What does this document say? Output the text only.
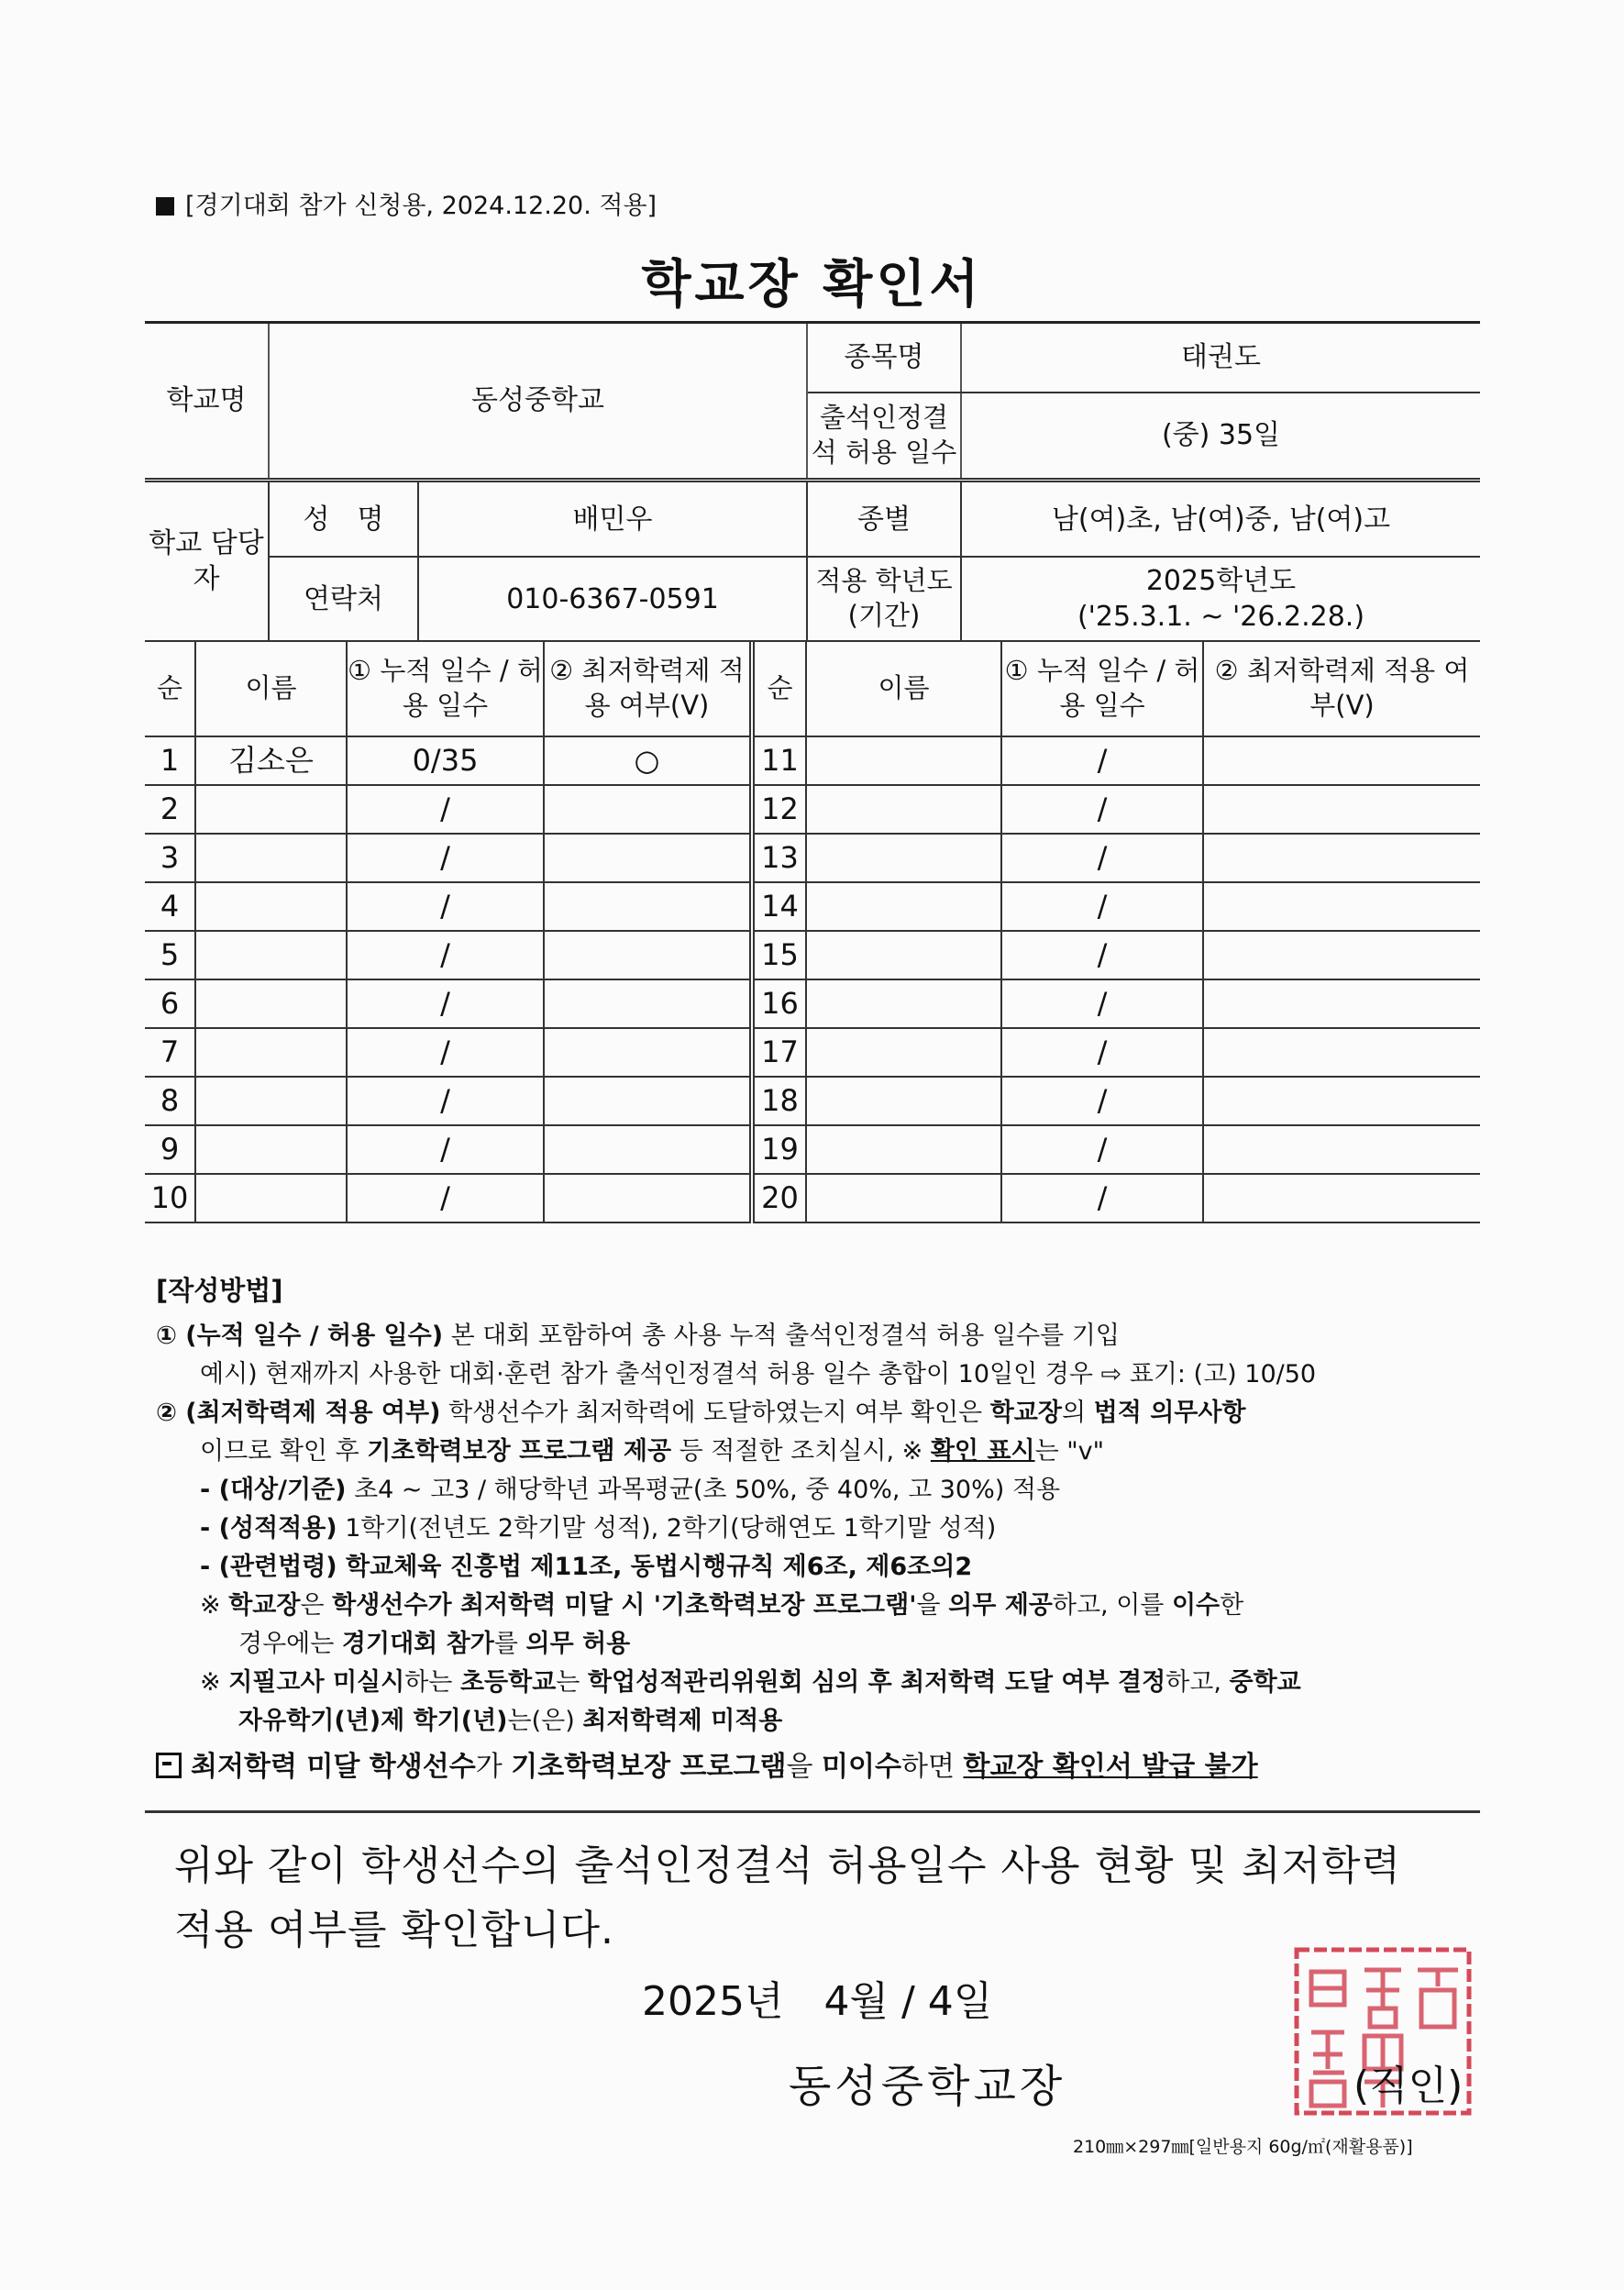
[경기대회 참가 신청용, 2024.12.20. 적용]
학교장 확인서
학교명	동성중학교	종목명	태권도
		출석인정결석 허용 일수	(중) 35일
학교 담당자	성　명	배민우	종별	남(여)초, 남(여)중, 남(여)고
	연락처	010-6367-0591	적용 학년도 (기간)	2025학년도
('25.3.1. ~ '26.2.28.)
순	이름	① 누적 일수 / 허용 일수	② 최저학력제 적용 여부(V)	순	이름	① 누적 일수 / 허용 일수	② 최저학력제 적용 여부(V)
1	김소은	0/35	○	11		/	
2		/		12		/	
3		/		13		/	
4		/		14		/	
5		/		15		/	
6		/		16		/	
7		/		17		/	
8		/		18		/	
9		/		19		/	
10		/		20		/	
[작성방법]
① (누적 일수 / 허용 일수) 본 대회 포함하여 총 사용 누적 출석인정결석 허용 일수를 기입
예시) 현재까지 사용한 대회·훈련 참가 출석인정결석 허용 일수 총합이 10일인 경우 ⇨ 표기: (고) 10/50
② (최저학력제 적용 여부) 학생선수가 최저학력에 도달하였는지 여부 확인은 학교장의 법적 의무사항
이므로 확인 후 기초학력보장 프로그램 제공 등 적절한 조치실시, ※ 확인 표시는 "v"
- (대상/기준) 초4 ~ 고3 / 해당학년 과목평균(초 50%, 중 40%, 고 30%) 적용
- (성적적용) 1학기(전년도 2학기말 성적), 2학기(당해연도 1학기말 성적)
- (관련법령) 학교체육 진흥법 제11조, 동법시행규칙 제6조, 제6조의2
※ 학교장은 학생선수가 최저학력 미달 시 '기초학력보장 프로그램'을 의무 제공하고, 이를 이수한
경우에는 경기대회 참가를 의무 허용
※ 지필고사 미실시하는 초등학교는 학업성적관리위원회 심의 후 최저학력 도달 여부 결정하고, 중학교
자유학기(년)제 학기(년)는(은) 최저학력제 미적용
최저학력 미달 학생선수가 기초학력보장 프로그램을 미이수하면 학교장 확인서 발급 불가
위와 같이 학생선수의 출석인정결석 허용일수 사용 현황 및 최저학력
적용 여부를 확인합니다.
2025년　4월 / 4일
동성중학교장	(직인)
210㎜×297㎜[일반용지 60g/㎡(재활용품)]
